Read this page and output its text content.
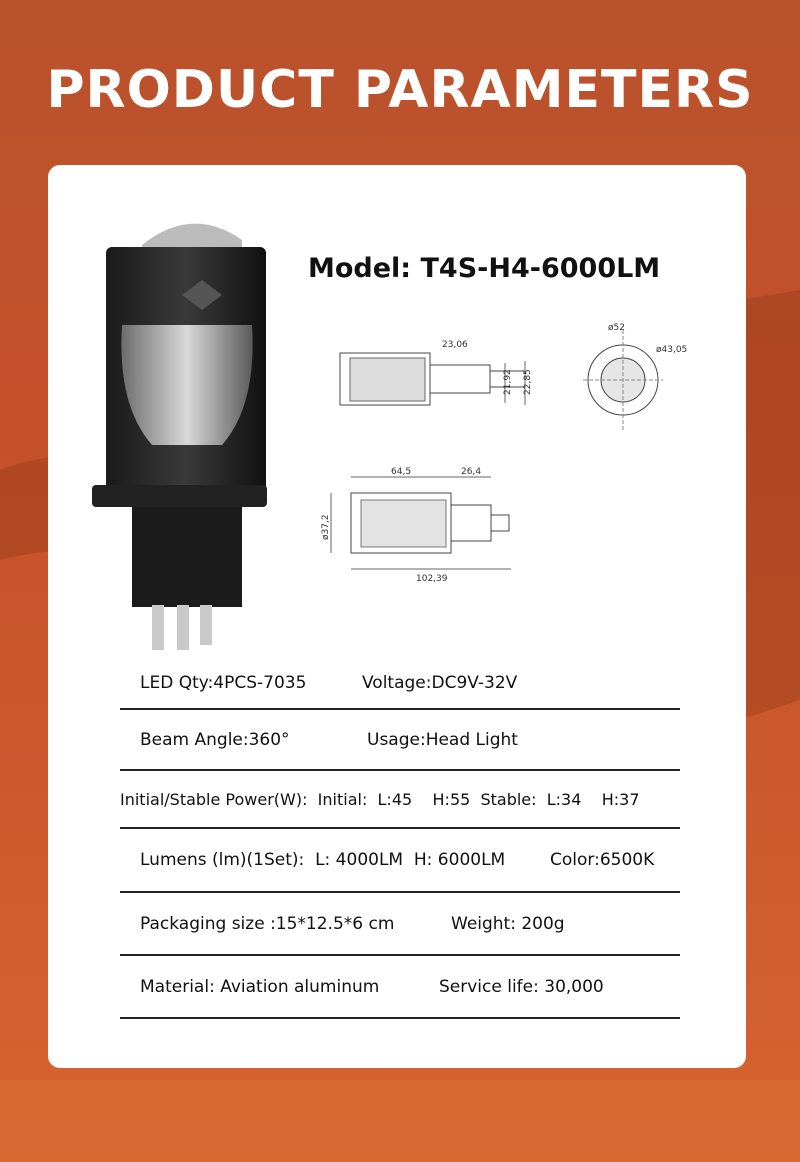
PRODUCT PARAMETERS
Model: T4S-H4-6000LM
23,06
21,92 22,85
ø52
ø43,05
64,5	26,4
ø37,2
102,39
LED Qty:4PCS-7035	Voltage:DC9V-32V
Beam Angle:360°	Usage:Head Light
Initial/Stable Power(W):  Initial:  L:45    H:55  Stable:  L:34    H:37
Lumens (lm)(1Set):  L: 4000LM  H: 6000LM	Color:6500K
Packaging size :15*12.5*6 cm	Weight: 200g
Material: Aviation aluminum	Service life: 30,000
